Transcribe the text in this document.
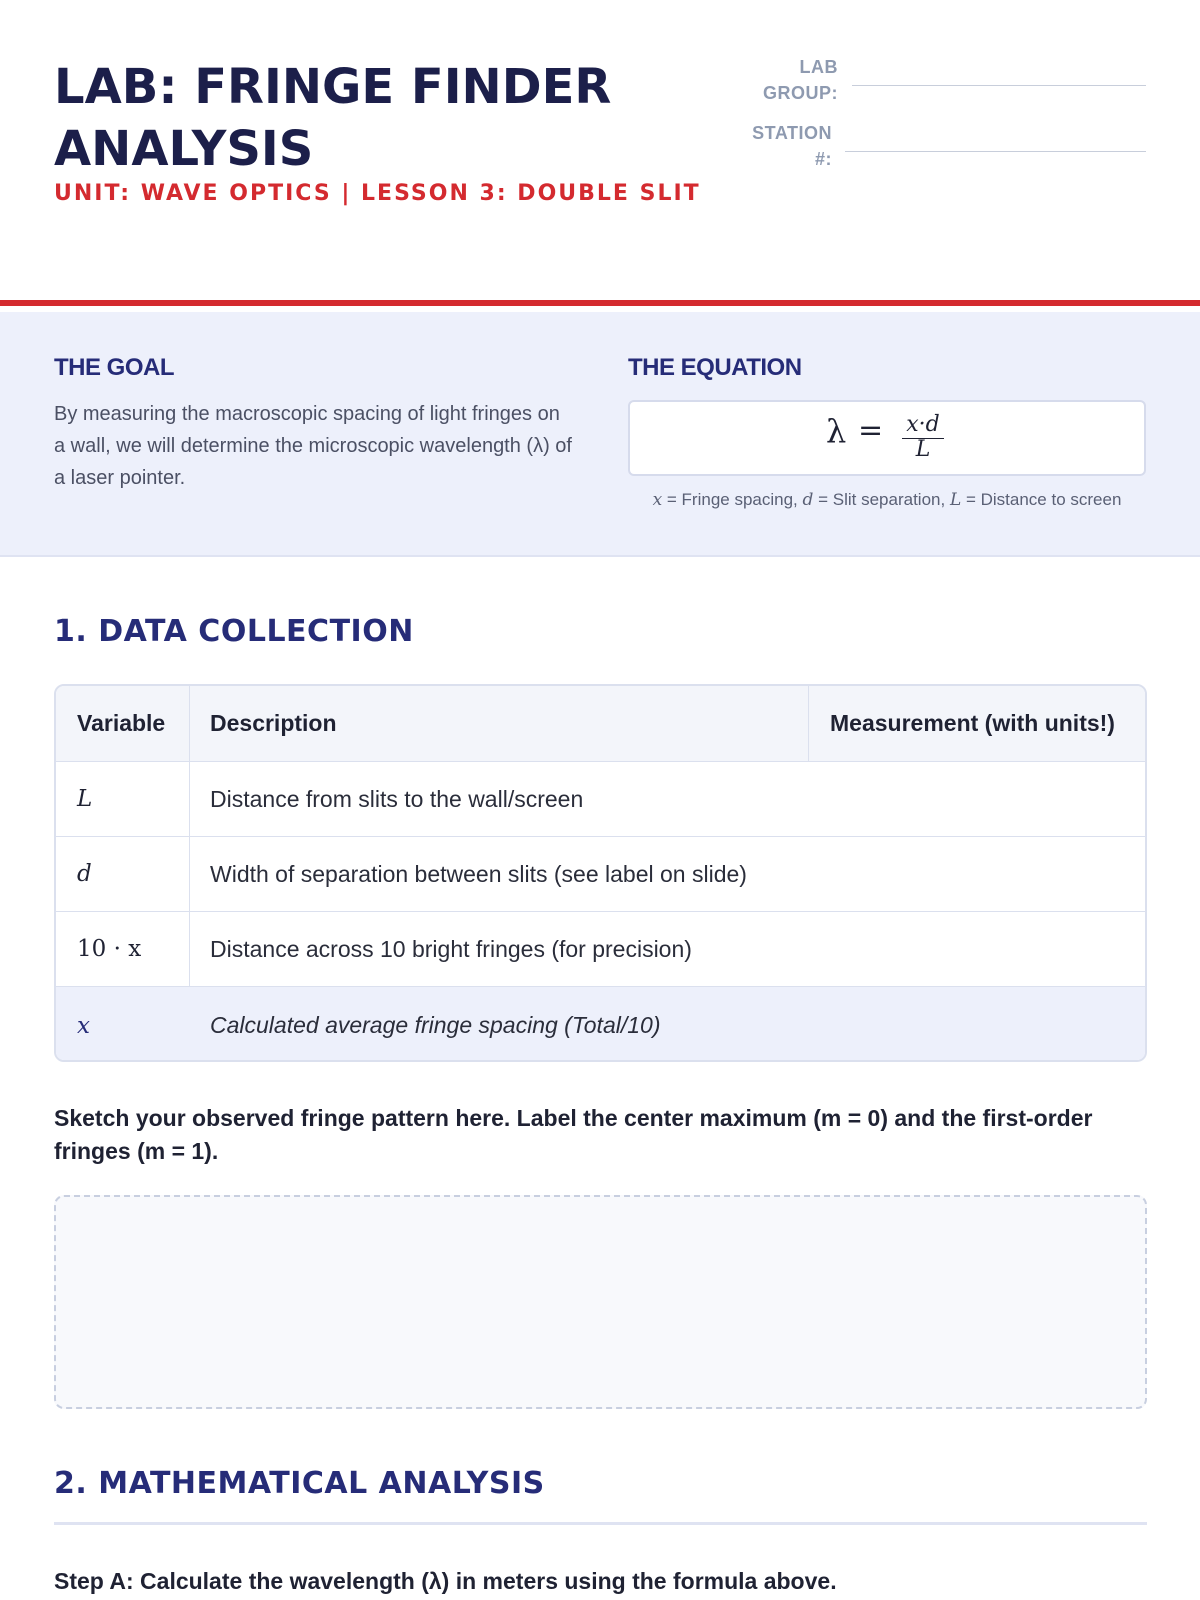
LAB: FRINGE FINDER ANALYSIS
UNIT: WAVE OPTICS | LESSON 3: DOUBLE SLIT
LAB
GROUP:
STATION
#:
THE GOAL
By measuring the macroscopic spacing of light fringes on a wall, we will determine the microscopic wavelength (λ) of a laser pointer.
THE EQUATION
λ = x·d
L
x = Fringe spacing, d = Slit separation, L = Distance to screen
1. DATA COLLECTION
Variable	Description	Measurement (with units!)
L	Distance from slits to the wall/screen
d	Width of separation between slits (see label on slide)
10 · x	Distance across 10 bright fringes (for precision)
x	Calculated average fringe spacing (Total/10)
Sketch your observed fringe pattern here. Label the center maximum (m = 0) and the first-order fringes (m = 1).
2. MATHEMATICAL ANALYSIS
Step A: Calculate the wavelength (λ) in meters using the formula above.
